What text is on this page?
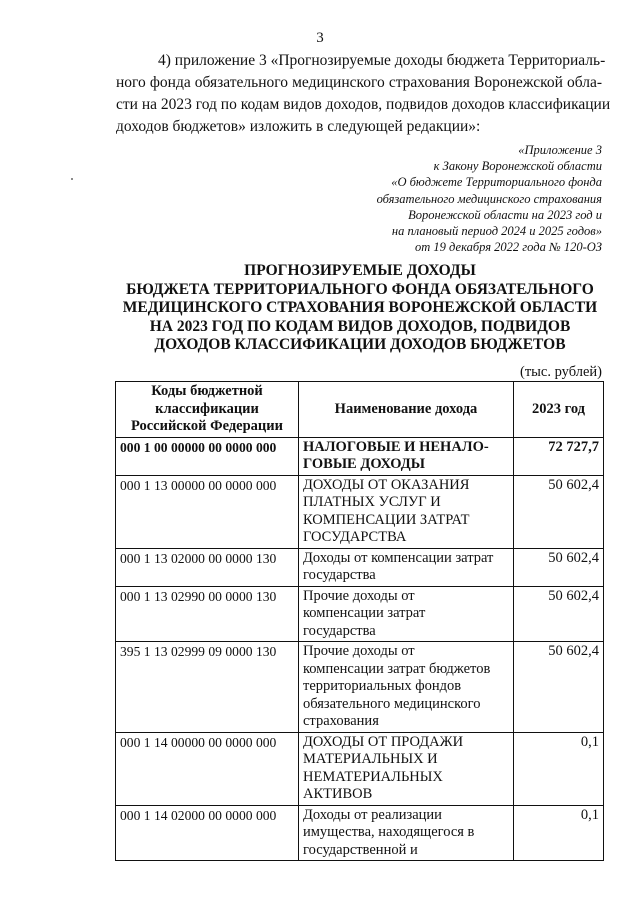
3

4) приложение 3 «Прогнозируемые доходы бюджета Территориаль-
ного фонда обязательного медицинского страхования Воронежской обла-
сти на 2023 год по кодам видов доходов, подвидов доходов классификации
доходов бюджетов» изложить в следующей редакции»:

«Приложение 3
к Закону Воронежской области
«О бюджете Территориального фонда
обязательного медицинского страхования
Воронежской области на 2023 год и
на плановый период 2024 и 2025 годов»
от 19 декабря 2022 года № 120-ОЗ
ПРОГНОЗИРУЕМЫЕ ДОХОДЫ
БЮДЖЕТА ТЕРРИТОРИАЛЬНОГО ФОНДА ОБЯЗАТЕЛЬНОГО
МЕДИЦИНСКОГО СТРАХОВАНИЯ ВОРОНЕЖСКОЙ ОБЛАСТИ
НА 2023 ГОД ПО КОДАМ ВИДОВ ДОХОДОВ, ПОДВИДОВ
ДОХОДОВ КЛАССИФИКАЦИИ ДОХОДОВ БЮДЖЕТОВ
(тыс. рублей)
Коды бюджетной
классификации
Российской Федерации	Наименование дохода	2023 год
000 1 00 00000 00 0000 000	НАЛОГОВЫЕ И НЕНАЛО-
ГОВЫЕ ДОХОДЫ	72 727,7
000 1 13 00000 00 0000 000	ДОХОДЫ ОТ ОКАЗАНИЯ
ПЛАТНЫХ УСЛУГ И
КОМПЕНСАЦИИ ЗАТРАТ
ГОСУДАРСТВА	50 602,4
000 1 13 02000 00 0000 130	Доходы от компенсации затрат
государства	50 602,4
000 1 13 02990 00 0000 130	Прочие доходы от
компенсации затрат
государства	50 602,4
395 1 13 02999 09 0000 130	Прочие доходы от
компенсации затрат бюджетов
территориальных фондов
обязательного медицинского
страхования	50 602,4
000 1 14 00000 00 0000 000	ДОХОДЫ ОТ ПРОДАЖИ
МАТЕРИАЛЬНЫХ И
НЕМАТЕРИАЛЬНЫХ
АКТИВОВ	0,1
000 1 14 02000 00 0000 000	Доходы от реализации
имущества, находящегося в
государственной и	0,1
